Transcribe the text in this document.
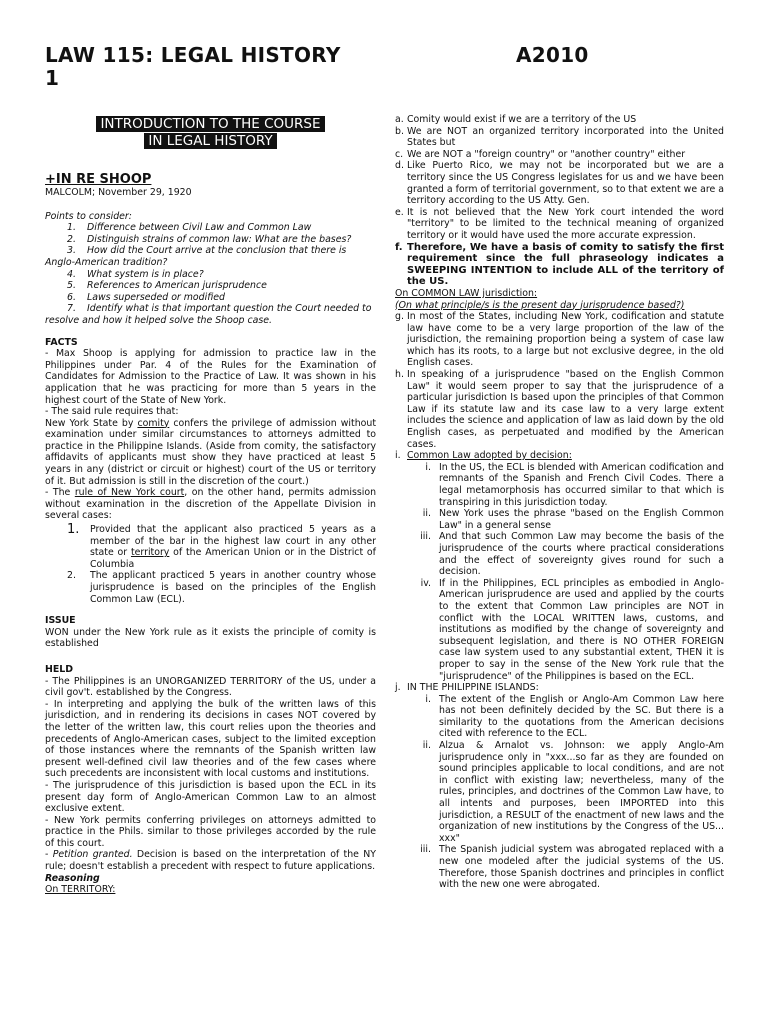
LAW 115: LEGAL HISTORY
1
A2010
INTRODUCTION TO THE COURSE
IN LEGAL HISTORY
+IN RE SHOOP
MALCOLM; November 29, 1920
Points to consider:
1. Difference between Civil Law and Common Law
2. Distinguish strains of common law: What are the bases?
3. How did the Court arrive at the conclusion that there is Anglo-American tradition?
4. What system is in place?
5. References to American jurisprudence
6. Laws superseded or modified
7. Identify what is that important question the Court needed to resolve and how it helped solve the Shoop case.
FACTS

- Max Shoop is applying for admission to practice law in the Philippines under Par. 4 of the Rules for the Examination of Candidates for Admission to the Practice of Law. It was shown in his application that he was practicing for more than 5 years in the highest court of the State of New York.

- The said rule requires that:

New York State by comity confers the privilege of admission without examination under similar circumstances to attorneys admitted to practice in the Philippine Islands. (Aside from comity, the satisfactory affidavits of applicants must show they have practiced at least 5 years in any (district or circuit or highest) court of the US or territory of it. But admission is still in the discretion of the court.)

- The rule of New York court, on the other hand, permits admission without examination in the discretion of the Appellate Division in several cases:

1.	Provided that the applicant also practiced 5 years as a member of the bar in the highest law court in any other state or territory of the American Union or in the District of Columbia
2.	The applicant practiced 5 years in another country whose jurisprudence is based on the principles of the English Common Law (ECL).
ISSUE

WON under the New York rule as it exists the principle of comity is established

HELD

- The Philippines is an UNORGANIZED TERRITORY of the US, under a civil gov't. established by the Congress.

- In interpreting and applying the bulk of the written laws of this jurisdiction, and in rendering its decisions in cases NOT covered by the letter of the written law, this court relies upon the theories and precedents of Anglo-American cases, subject to the limited exception of those instances where the remnants of the Spanish written law present well-defined civil law theories and of the few cases where such precedents are inconsistent with local customs and institutions.

- The jurisprudence of this jurisdiction is based upon the ECL in its present day form of Anglo-American Common Law to an almost exclusive extent.

- New York permits conferring privileges on attorneys admitted to practice in the Phils. similar to those privileges accorded by the rule of this court.

- Petition granted. Decision is based on the interpretation of the NY rule; doesn't establish a precedent with respect to future applications.

Reasoning
On TERRITORY:
a. Comity would exist if we are a territory of the US
b. We are NOT an organized territory incorporated into the United States but
c. We are NOT a "foreign country" or "another country" either
d. Like Puerto Rico, we may not be incorporated but we are a territory since the US Congress legislates for us and we have been granted a form of territorial government, so to that extent we are a territory according to the US Atty. Gen.
e. It is not believed that the New York court intended the word "territory" to be limited to the technical meaning of organized territory or it would have used the more accurate expression.
f. Therefore, We have a basis of comity to satisfy the first requirement since the full phraseology indicates a SWEEPING INTENTION to include ALL of the territory of the US.
On COMMON LAW jurisdiction:
(On what principle/s is the present day jurisprudence based?)
g. In most of the States, including New York, codification and statute law have come to be a very large proportion of the law of the jurisdiction, the remaining proportion being a system of case law which has its roots, to a large but not exclusive degree, in the old English cases.
h. In speaking of a jurisprudence "based on the English Common Law" it would seem proper to say that the jurisprudence of a particular jurisdiction Is based upon the principles of that Common Law if its statute law and its case law to a very large extent includes the science and application of law as laid down by the old English cases, as perpetuated and modified by the American cases.
i. Common Law adopted by decision:
i. In the US, the ECL is blended with American codification and remnants of the Spanish and French Civil Codes. There a legal metamorphosis has occurred similar to that which is transpiring in this jurisdiction today.
ii. New York uses the phrase "based on the English Common Law" in a general sense
iii. And that such Common Law may become the basis of the jurisprudence of the courts where practical considerations and the effect of sovereignty gives round for such a decision.
iv. If in the Philippines, ECL principles as embodied in Anglo-American jurisprudence are used and applied by the courts to the extent that Common Law principles are NOT in conflict with the LOCAL WRITTEN laws, customs, and institutions as modified by the change of sovereignty and subsequent legislation, and there is NO OTHER FOREIGN case law system used to any substantial extent, THEN it is proper to say in the sense of the New York rule that the "jurisprudence" of the Philippines is based on the ECL.
j. IN THE PHILIPPINE ISLANDS:
i. The extent of the English or Anglo-Am Common Law here has not been definitely decided by the SC. But there is a similarity to the quotations from the American decisions cited with reference to the ECL.
ii. Alzua & Arnalot vs. Johnson: we apply Anglo-Am jurisprudence only in "xxx...so far as they are founded on sound principles applicable to local conditions, and are not in conflict with existing law; nevertheless, many of the rules, principles, and doctrines of the Common Law have, to all intents and purposes, been IMPORTED into this jurisdiction, a RESULT of the enactment of new laws and the organization of new institutions by the Congress of the US... xxx"
iii. The Spanish judicial system was abrogated replaced with a new one modeled after the judicial systems of the US. Therefore, those Spanish doctrines and principles in conflict with the new one were abrogated.
